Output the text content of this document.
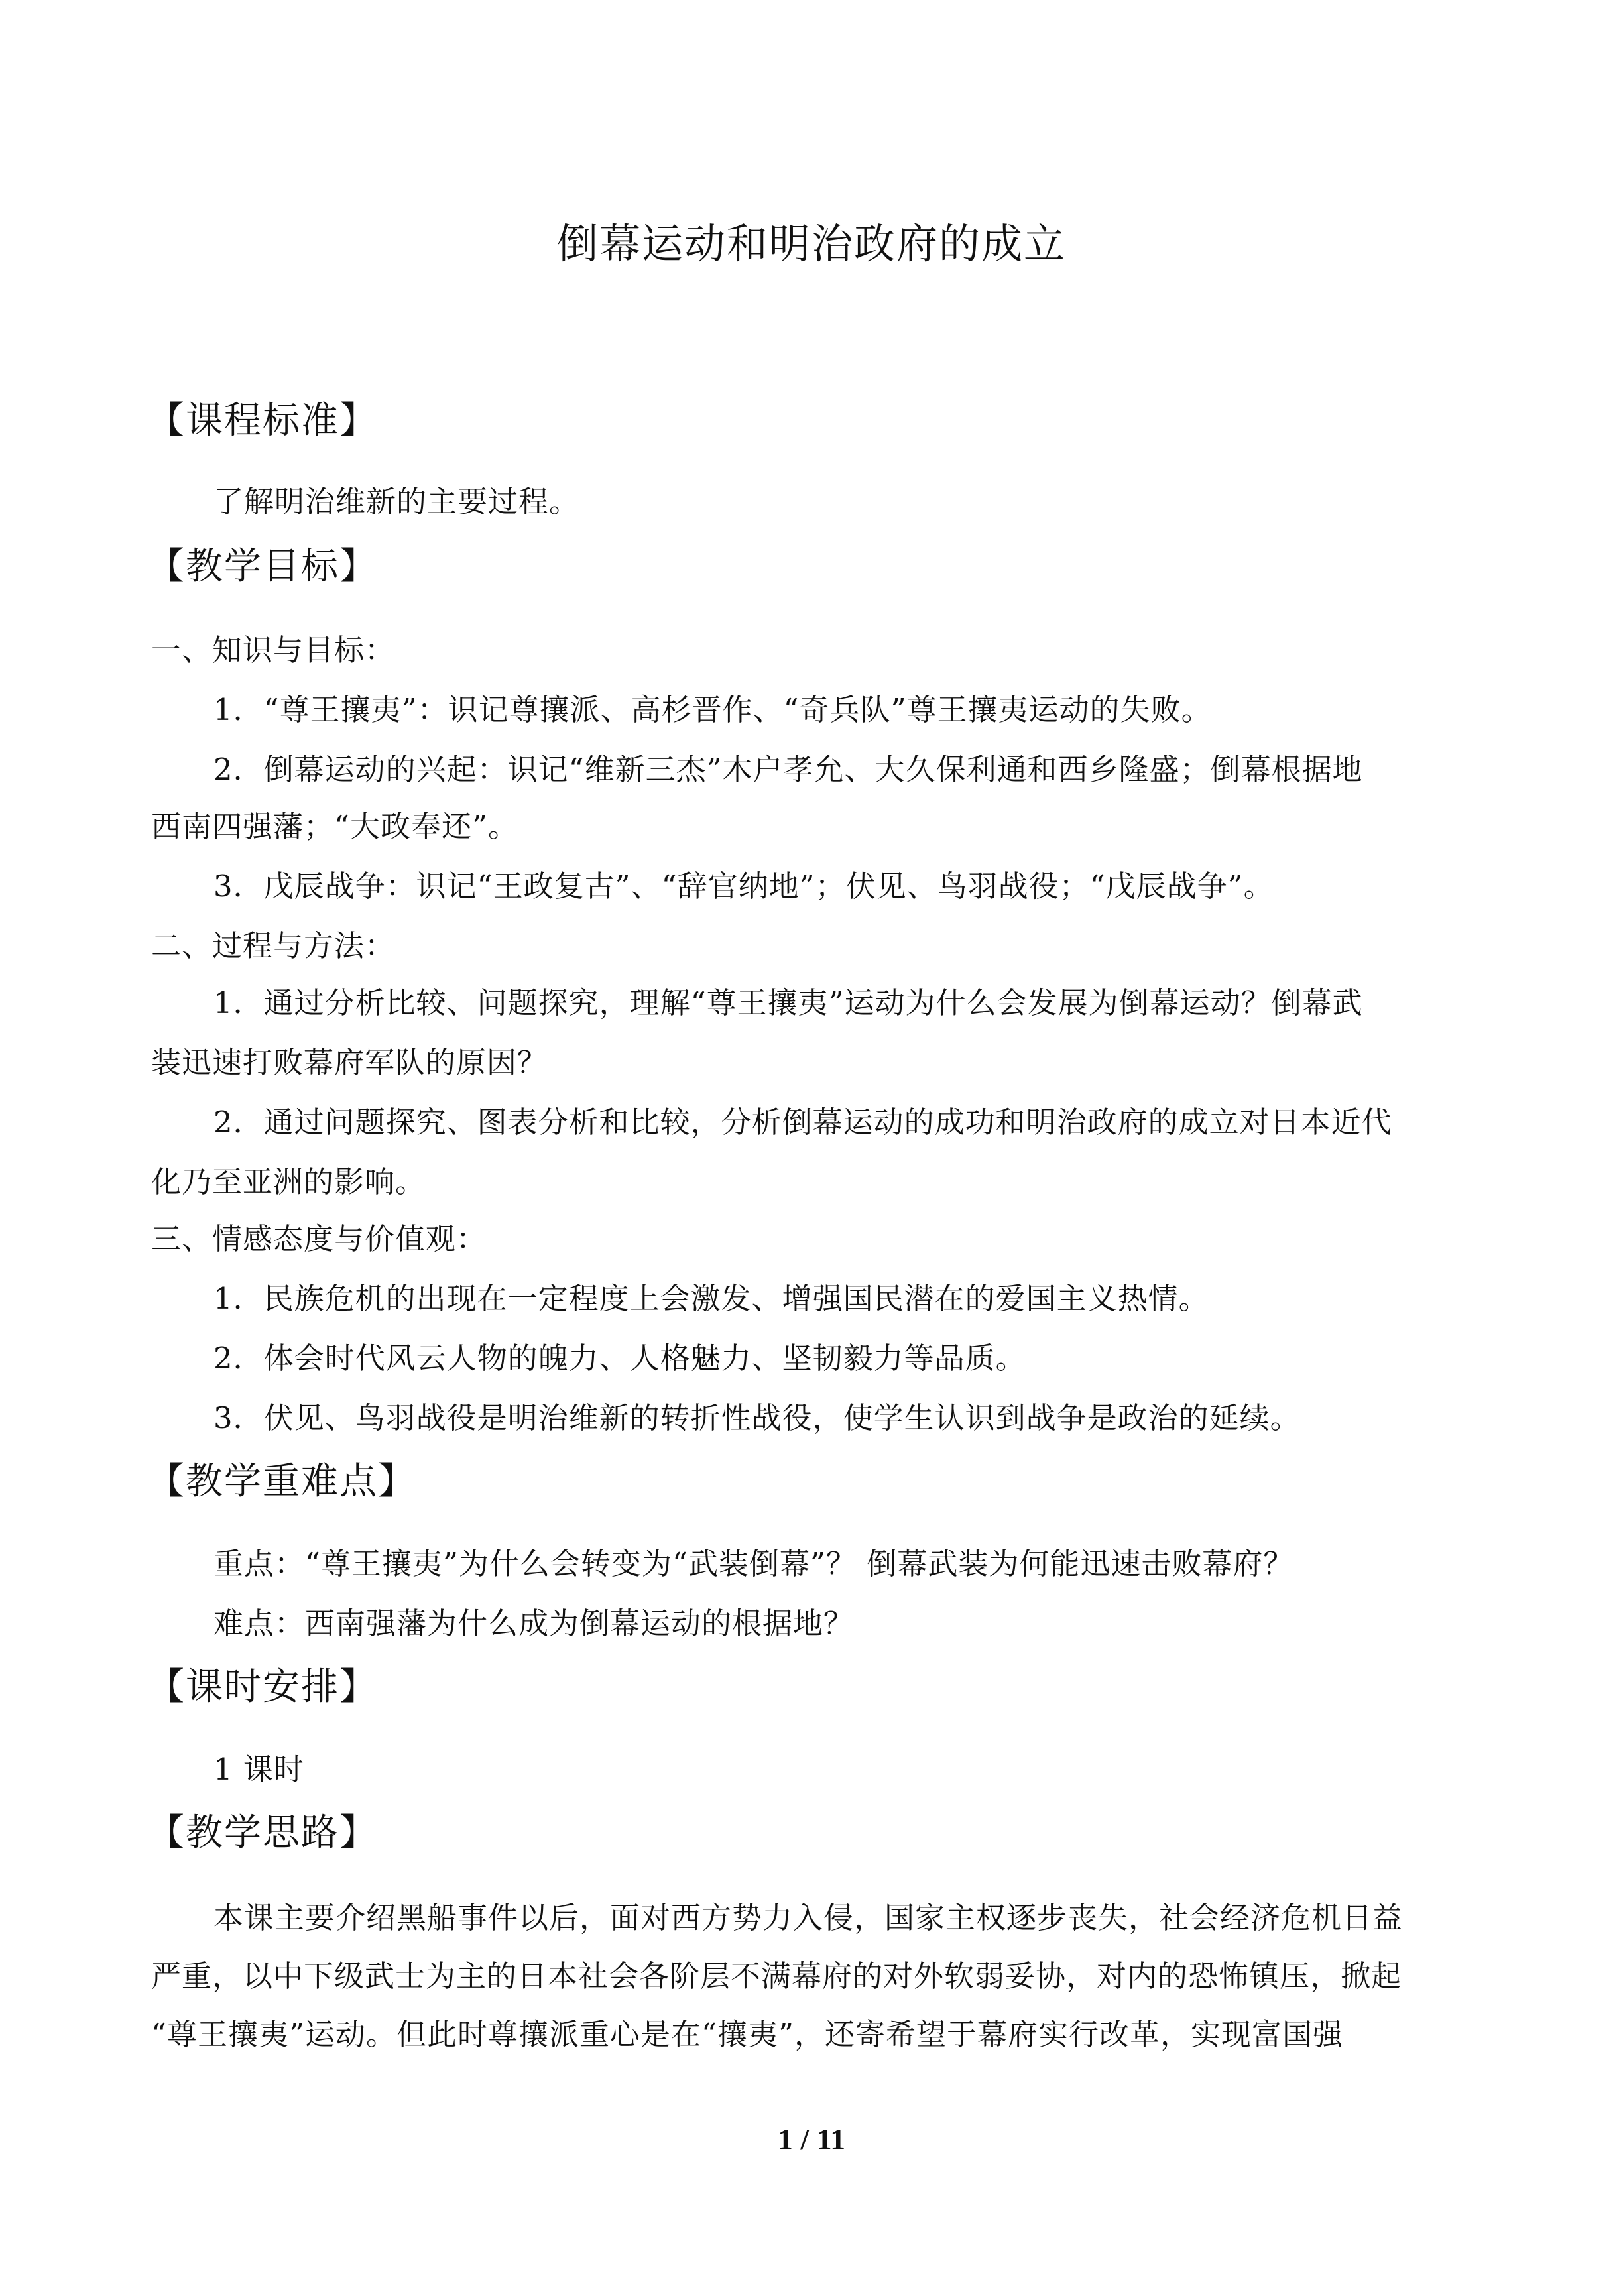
倒幕运动和明治政府的成立
【课程标准】
了解明治维新的主要过程。
【教学目标】
一、知识与目标：
1．“尊王攘夷”：识记尊攘派、高杉晋作、“奇兵队”尊王攘夷运动的失败。
2．倒幕运动的兴起：识记“维新三杰”木户孝允、大久保利通和西乡隆盛；倒幕根据地
西南四强藩；“大政奉还”。
3．戊辰战争：识记“王政复古”、“辞官纳地”；伏见、鸟羽战役；“戊辰战争”。
二、过程与方法：
1．通过分析比较、问题探究，理解“尊王攘夷”运动为什么会发展为倒幕运动？倒幕武
装迅速打败幕府军队的原因？
2．通过问题探究、图表分析和比较，分析倒幕运动的成功和明治政府的成立对日本近代
化乃至亚洲的影响。
三、情感态度与价值观：
1．民族危机的出现在一定程度上会激发、增强国民潜在的爱国主义热情。
2．体会时代风云人物的魄力、人格魅力、坚韧毅力等品质。
3．伏见、鸟羽战役是明治维新的转折性战役，使学生认识到战争是政治的延续。
【教学重难点】
重点：“尊王攘夷”为什么会转变为“武装倒幕”？ 倒幕武装为何能迅速击败幕府？
难点：西南强藩为什么成为倒幕运动的根据地？
【课时安排】
1 课时
【教学思路】
本课主要介绍黑船事件以后，面对西方势力入侵，国家主权逐步丧失，社会经济危机日益
严重，以中下级武士为主的日本社会各阶层不满幕府的对外软弱妥协，对内的恐怖镇压，掀起
“尊王攘夷”运动。但此时尊攘派重心是在“攘夷”，还寄希望于幕府实行改革，实现富国强
1 / 11
